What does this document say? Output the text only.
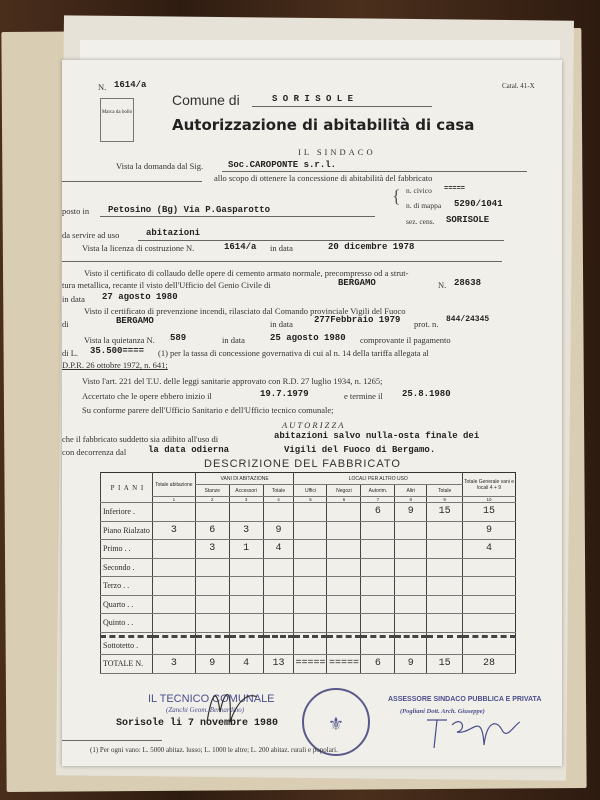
N. 1614/a	Catal. 41-X
Marca da bollo
Comune di	S O R I S O L E
Autorizzazione di abitabilità di casa
IL SINDACO
Vista la domanda dal Sig.	Soc.CAROPONTE s.r.l.
allo scopo di ottenere la concessione di abitabilità del fabbricato
posto in Petosino (Bg) Via P.Gasparotto
{ n. civico =====
n. di mappa 5290/1041
sez. cens. SORISOLE
da servire ad uso	abitazioni
Vista la licenza di costruzione N.	1614/a in data	20 dicembre 1978
Visto il certificato di collaudo delle opere di cemento armato normale, precompresso od a strut-
tura metallica, recante il visto dell'Ufficio del Genio Civile di	BERGAMO	N. 28638
in data 27 agosto 1980
Visto il certificato di prevenzione incendi, rilasciato dal Comando provinciale Vigili del Fuoco
di	BERGAMO	in data 277Febbraio 1979 prot. n. 844/24345
Vista la quietanza N. 589	in data	25 agosto 1980 comprovante il pagamento
di L. 35.500==== (1) per la tassa di concessione governativa di cui al n. 14 della tariffa allegata al
D.P.R. 26 ottobre 1972, n. 641;
Visto l'art. 221 del T.U. delle leggi sanitarie approvato con R.D. 27 luglio 1934, n. 1265;
Accertato che le opere ebbero inizio il	19.7.1979	e termine il 25.8.1980
Su conforme parere dell'Ufficio Sanitario e dell'Ufficio tecnico comunale;
A U T O R I Z Z A
che il fabbricato suddetto sia adibito all'uso di	abitazioni salvo nulla-osta finale dei
con decorrenza dal la data odierna	Vigili del Fuoco di Bergamo.
DESCRIZIONE DEL FABBRICATO
P I A N I	Totale abitazione	VANI DI ABITAZIONE			LOCALI PER ALTRO USO					Totale Generale vani e locali 4 + 9
		Stanze	Accessori	Totale	Uffici	Negozi	Autorim.	Altri	Totale	
	1	2	3	4	5	6	7	8	9	10
Inferiore .							6	9	15	15
Piano Rialzato	3	6	3	9						9
Primo . .		3	1	4						4
Secondo .										
Terzo . .										
Quarto . .										
Quinto . .										

Sottotetto .										
TOTALE N.	3	9	4	13	=====	=====	6	9	15	28
IL TECNICO COMUNALE
(Zanchi Geom. Bernardino)
Sorisole li 7 novembre 1980	⚜
ASSESSORE SINDACO PUBBLICA E PRIVATA
(Pogliani Dott. Arch. Giuseppe)
(1) Per ogni vano: L. 5000 abitaz. lusso; L. 1000 le altre; L. 200 abitaz. rurali e popolari.
